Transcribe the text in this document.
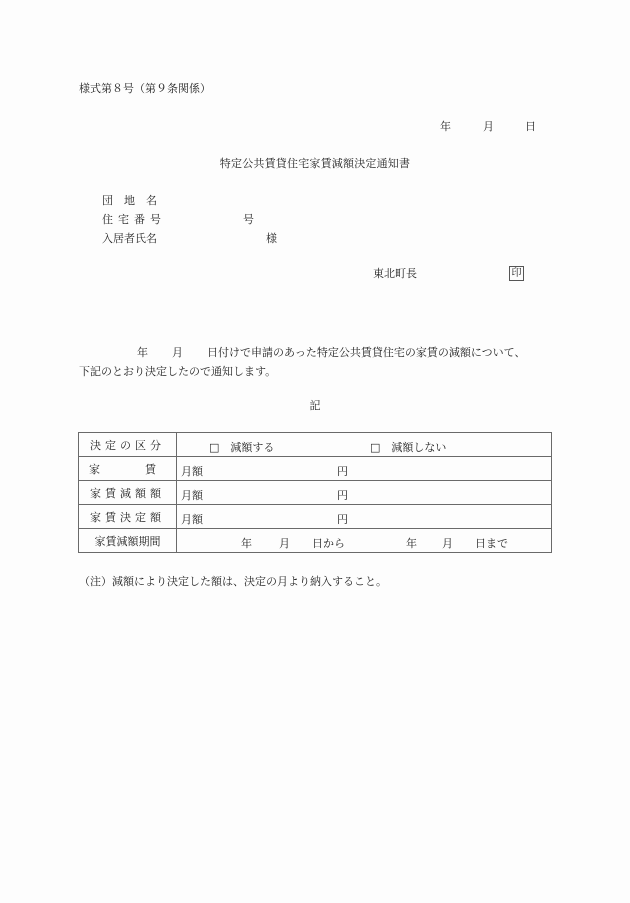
様式第８号（第９条関係）
年	月	日
特定公共賃貸住宅家賃減額決定通知書
団　地　名
住宅番号
入居者氏名
号
様
東北町長	印
年 月 日付けで申請のあった特定公共賃貸住宅の家賃の減額について、
下記のとおり決定したので通知します。
記
決定の区分	□　減額する □　減額しない

家 賃	月額 円

家賃減額額	月額 円

家賃決定額	月額 円

家賃減額期間	年 月 日から	年 月 日まで
（注）減額により決定した額は、決定の月より納入すること。
